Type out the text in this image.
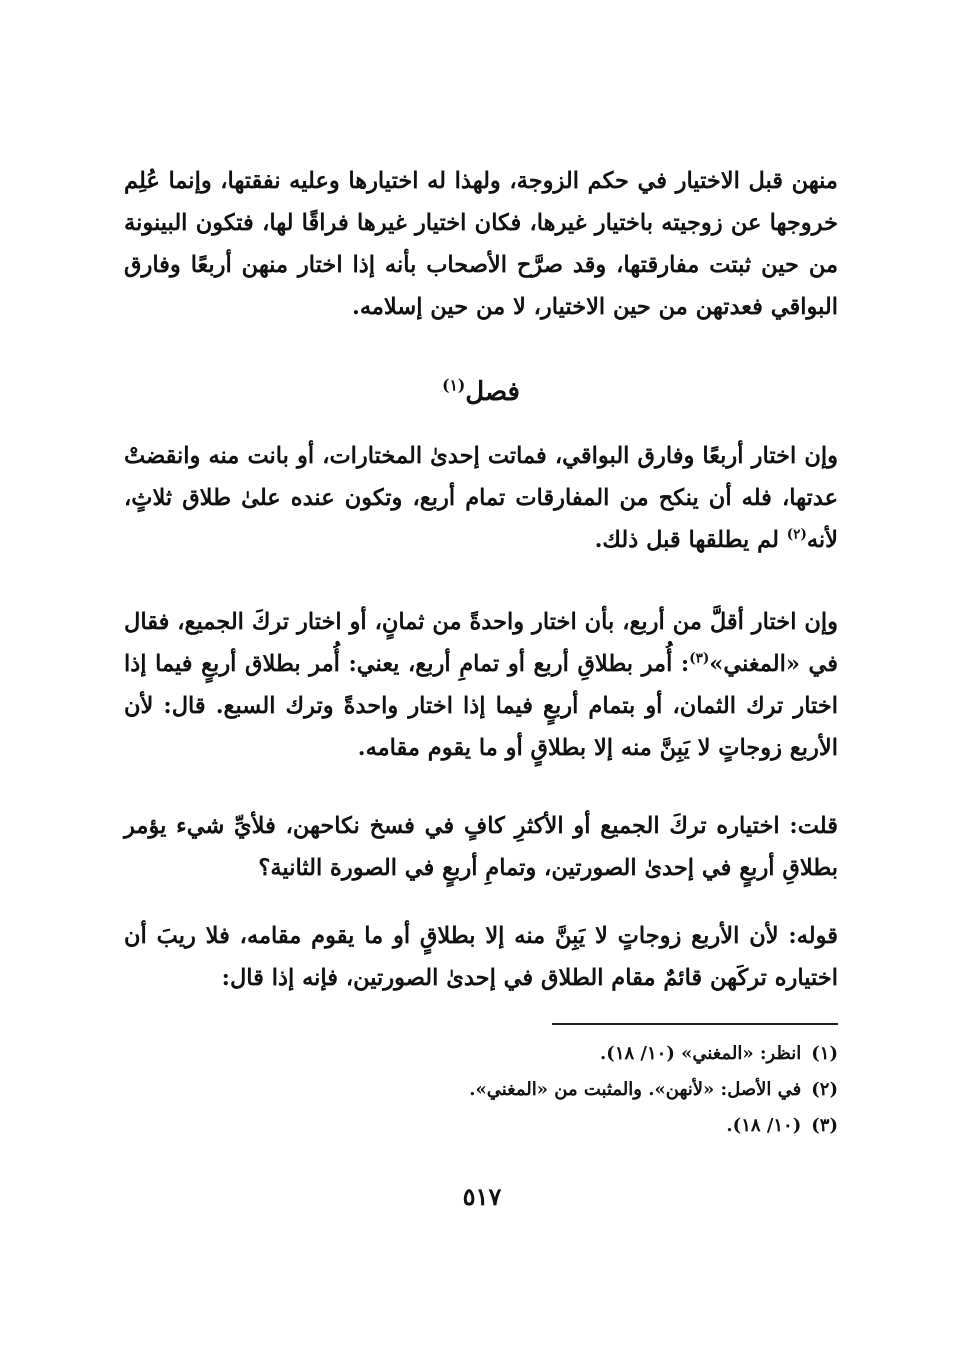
منهن قبل الاختيار في حكم الزوجة، ولهذا له اختيارها وعليه نفقتها، وإنما عُلِم خروجها عن زوجيته باختيار غيرها، فكان اختيار غيرها فراقًا لها، فتكون البينونة من حين ثبتت مفارقتها، وقد صرَّح الأصحاب بأنه إذا اختار منهن أربعًا وفارق البواقي فعدتهن من حين الاختيار، لا من حين إسلامه.

فصل$^{(١)}$

وإن اختار أربعًا وفارق البواقي، فماتت إحدىٰ المختارات، أو بانت منه وانقضتْ عدتها، فله أن ينكح من المفارقات تمام أربع، وتكون عنده علىٰ طلاق ثلاثٍ، لأنه$^{(٢)}$ لم يطلقها قبل ذلك.

وإن اختار أقلَّ من أربع، بأن اختار واحدةً من ثمانٍ، أو اختار تركَ الجميع، فقال في «المغني»$^{(٣)}$: أُمر بطلاقِ أربع أو تمامِ أربع، يعني: أُمر بطلاق أربعٍ فيما إذا اختار ترك الثمان، أو بتمام أربعٍ فيما إذا اختار واحدةً وترك السبع. قال: لأن الأربع زوجاتٍ لا يَبِنَّ منه إلا بطلاقٍ أو ما يقوم مقامه.

قلت: اختياره تركَ الجميع أو الأكثرِ كافٍ في فسخ نكاحهن، فلأيِّ شيء يؤمر بطلاقِ أربعٍ في إحدىٰ الصورتين، وتمامِ أربعٍ في الصورة الثانية؟

قوله: لأن الأربع زوجاتٍ لا يَبِنَّ منه إلا بطلاقٍ أو ما يقوم مقامه، فلا ريبَ أن اختياره تركَهن قائمٌ مقام الطلاق في إحدىٰ الصورتين، فإنه إذا قال:

(١)انظر: «المغني» (١٠/ ١٨).

(٢)في الأصل: «لأنهن». والمثبت من «المغني».

(٣)(١٠/ ١٨).

٥١٧
